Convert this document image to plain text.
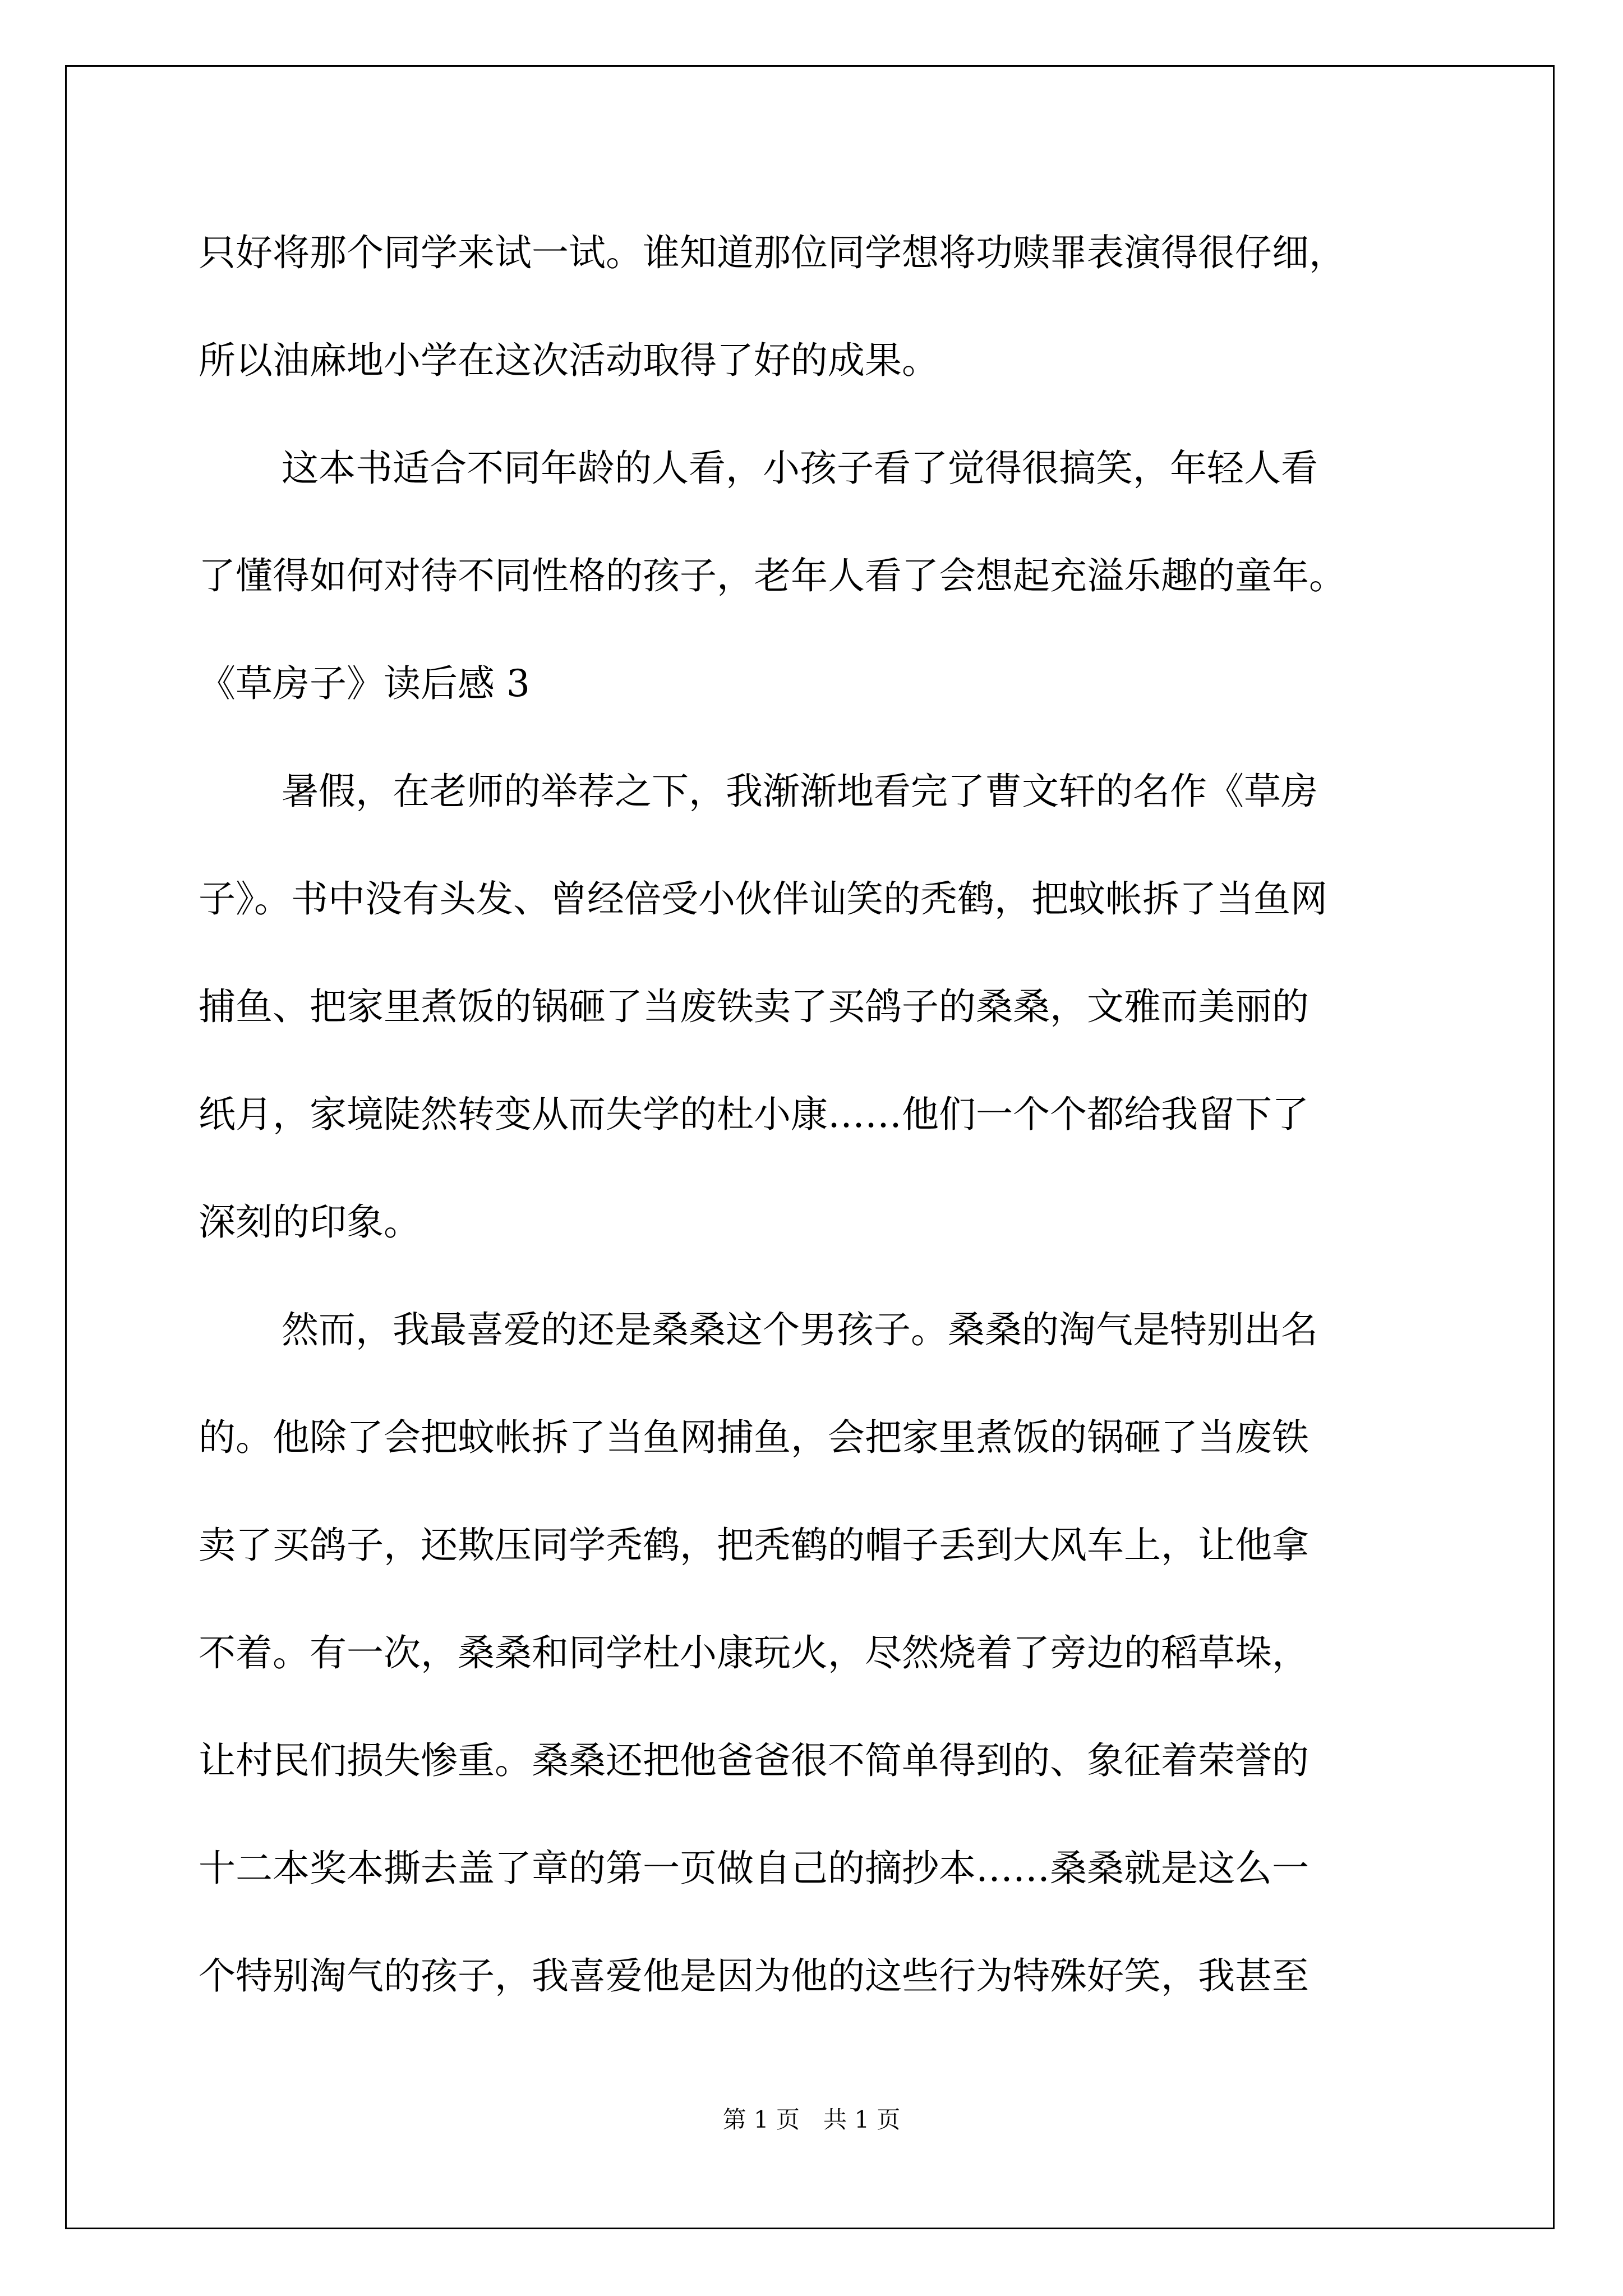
只好将那个同学来试一试。谁知道那位同学想将功赎罪表演得很仔细，

所以油麻地小学在这次活动取得了好的成果。

这本书适合不同年龄的人看，小孩子看了觉得很搞笑，年轻人看

了懂得如何对待不同性格的孩子，老年人看了会想起充溢乐趣的童年。

《草房子》读后感 3

暑假，在老师的举荐之下，我渐渐地看完了曹文轩的名作《草房

子》。书中没有头发、曾经倍受小伙伴讪笑的秃鹤，把蚊帐拆了当鱼网

捕鱼、把家里煮饭的锅砸了当废铁卖了买鸽子的桑桑，文雅而美丽的

纸月，家境陡然转变从而失学的杜小康……他们一个个都给我留下了

深刻的印象。

然而，我最喜爱的还是桑桑这个男孩子。桑桑的淘气是特别出名

的。他除了会把蚊帐拆了当鱼网捕鱼，会把家里煮饭的锅砸了当废铁

卖了买鸽子，还欺压同学秃鹤，把秃鹤的帽子丢到大风车上，让他拿

不着。有一次，桑桑和同学杜小康玩火，尽然烧着了旁边的稻草垛，

让村民们损失惨重。桑桑还把他爸爸很不简单得到的、象征着荣誉的

十二本奖本撕去盖了章的第一页做自己的摘抄本……桑桑就是这么一

个特别淘气的孩子，我喜爱他是因为他的这些行为特殊好笑，我甚至

第 1 页　共 1 页
